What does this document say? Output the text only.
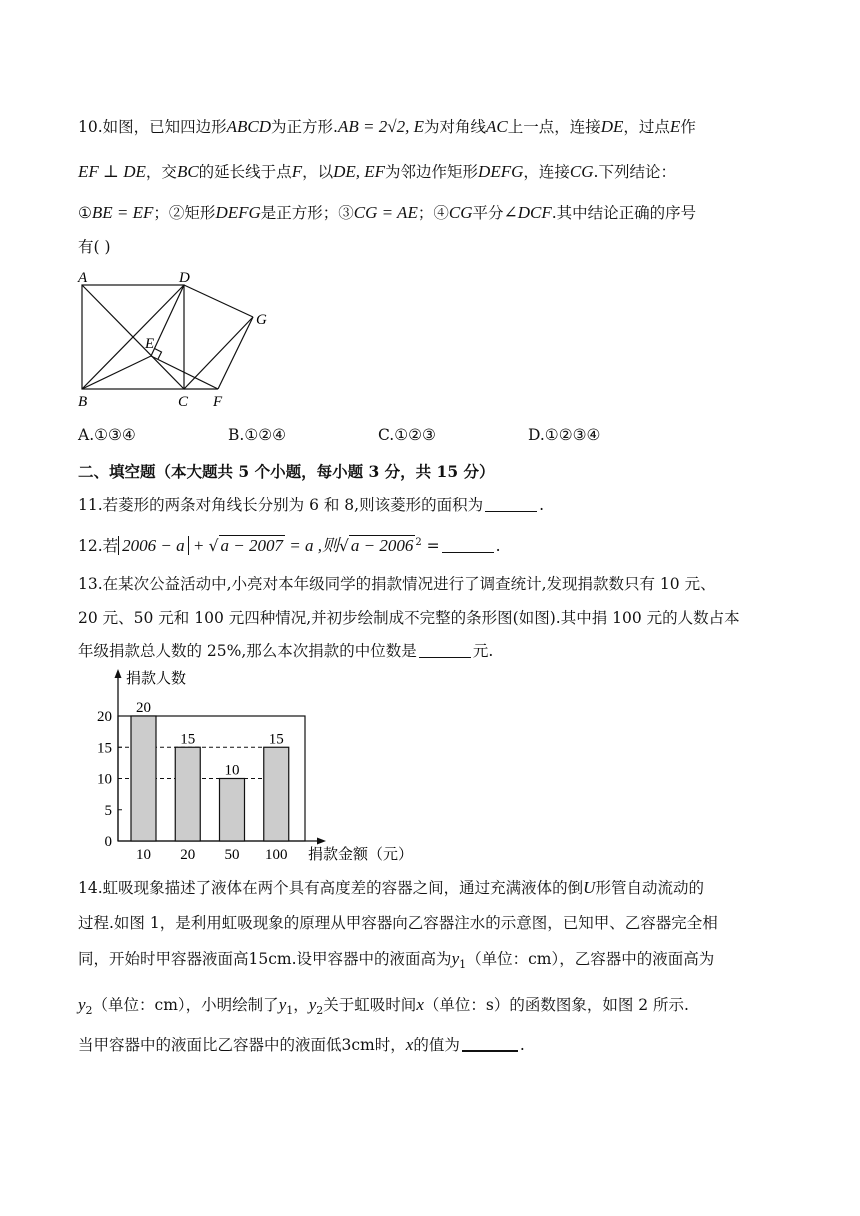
10.如图，已知四边形ABCD为正方形.AB = 2√2, E为对角线AC上一点，连接DE，过点E作
EF ⊥ DE，交BC的延长线于点F，以DE, EF为邻边作矩形DEFG，连接CG.下列结论：
①BE = EF；②矩形DEFG是正方形；③CG = AE；④CG平分∠DCF.其中结论正确的序号
有( )
A	D
G
E
B	C F
A.①③④	B.①②④	C.①②③	D.①②③④
二、填空题（本大题共 5 个小题，每小题 3 分，共 15 分）
11.若菱形的两条对角线长分别为 6 和 8,则该菱形的面积为	.
12.若 2006 − a + √ a − 2007 = a ,则√ a − 2006 $^2$ =	.
13.在某次公益活动中,小亮对本年级同学的捐款情况进行了调查统计,发现捐款数只有 10 元、
20 元、50 元和 100 元四种情况,并初步绘制成不完整的条形图(如图).其中捐 100 元的人数占本
年级捐款总人数的 25%,那么本次捐款的中位数是	元.
捐款人数
捐款金额（元）
0
5
10
15
20
20
10
15
20
10
50
15
100
14.虹吸现象描述了液体在两个具有高度差的容器之间，通过充满液体的倒U形管自动流动的
过程.如图 1，是利用虹吸现象的原理从甲容器向乙容器注水的示意图，已知甲、乙容器完全相
同，开始时甲容器液面高15cm.设甲容器中的液面高为$y_1$（单位：cm），乙容器中的液面高为
$y_2$（单位：cm），小明绘制了$y_1$，$y_2$关于虹吸时间x（单位：s）的函数图象，如图 2 所示.
当甲容器中的液面比乙容器中的液面低3cm时，x的值为	.
